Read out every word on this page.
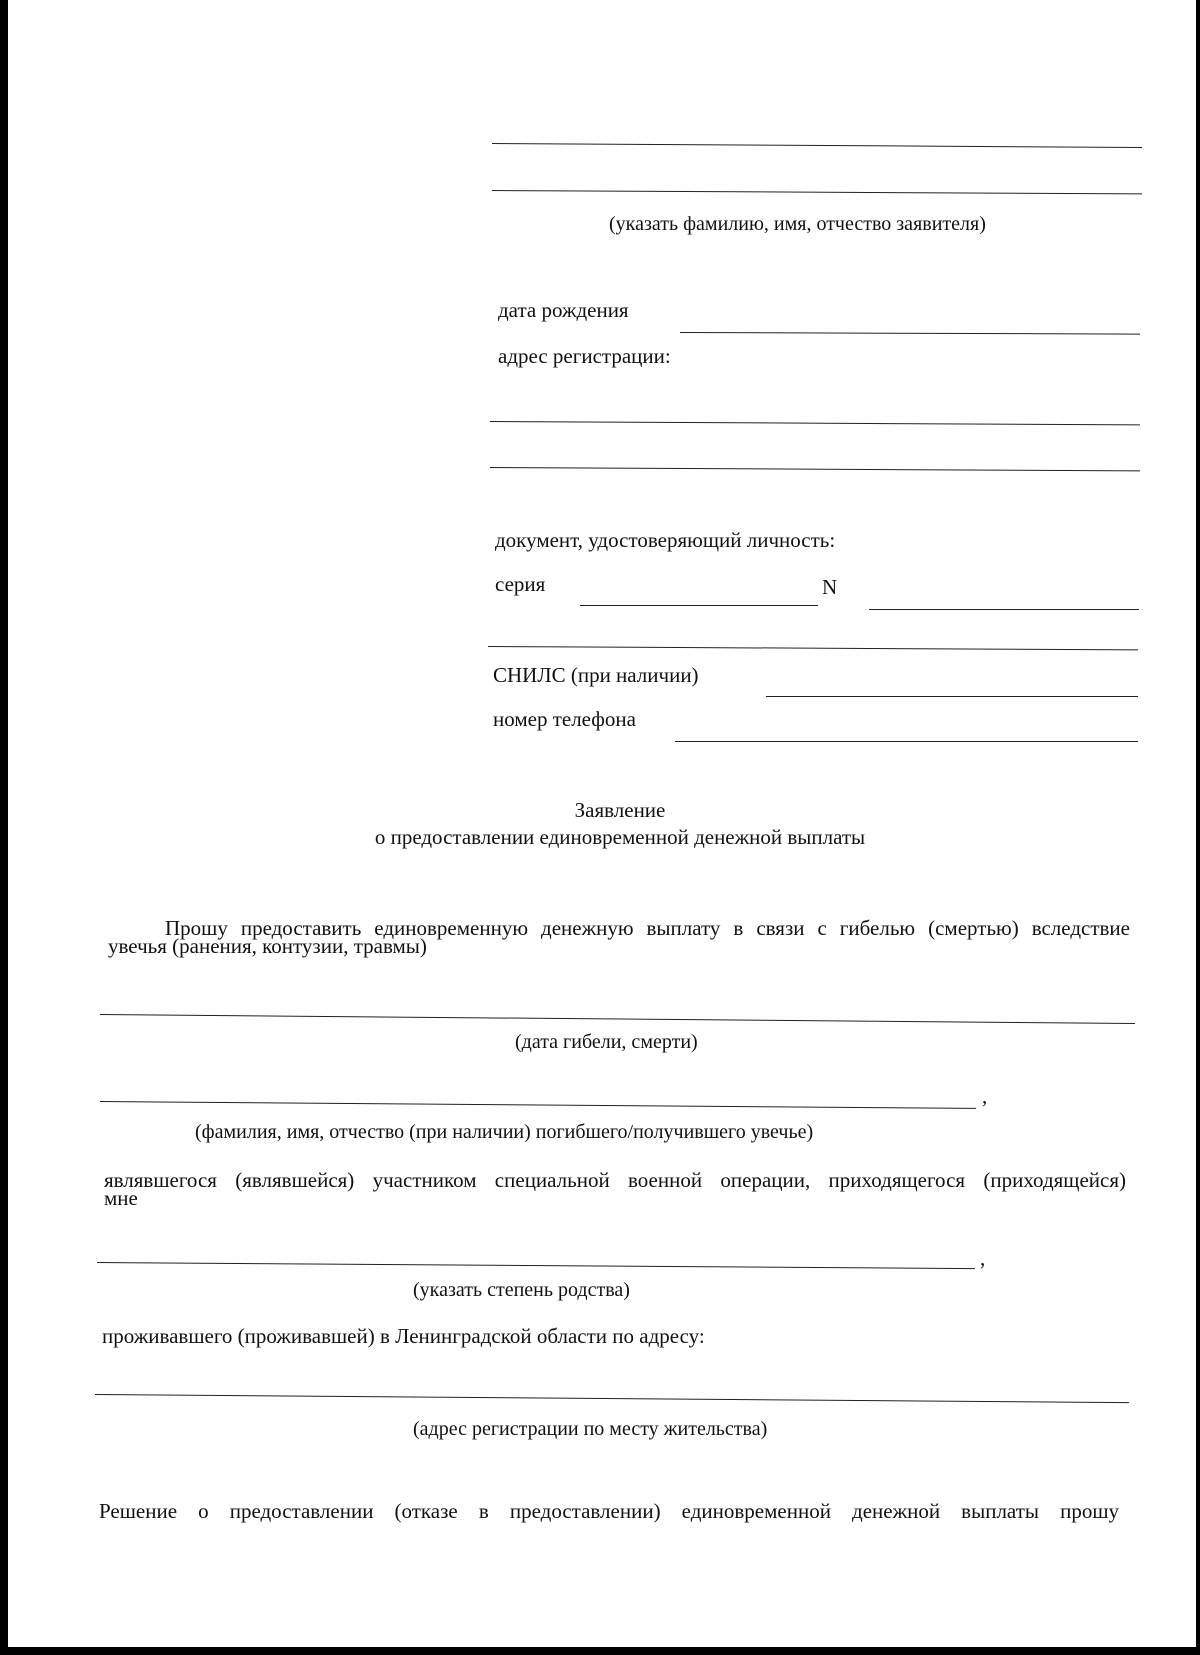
(указать фамилию, имя, отчество заявителя)
дата рождения
адрес регистрации:
документ, удостоверяющий личность:
серия	N
СНИЛС (при наличии)
номер телефона
Заявление
о предоставлении единовременной денежной выплаты
Прошу предоставить единовременную денежную выплату в связи с гибелью (смертью) вследствие
увечья (ранения, контузии, травмы)
(дата гибели, смерти)
,
(фамилия, имя, отчество (при наличии) погибшего/получившего увечье)
являвшегося (являвшейся) участником специальной военной операции, приходящегося (приходящейся)
мне
,
(указать степень родства)
проживавшего (проживавшей) в Ленинградской области по адресу:
(адрес регистрации по месту жительства)
Решение о предоставлении (отказе в предоставлении) единовременной денежной выплаты прошу
